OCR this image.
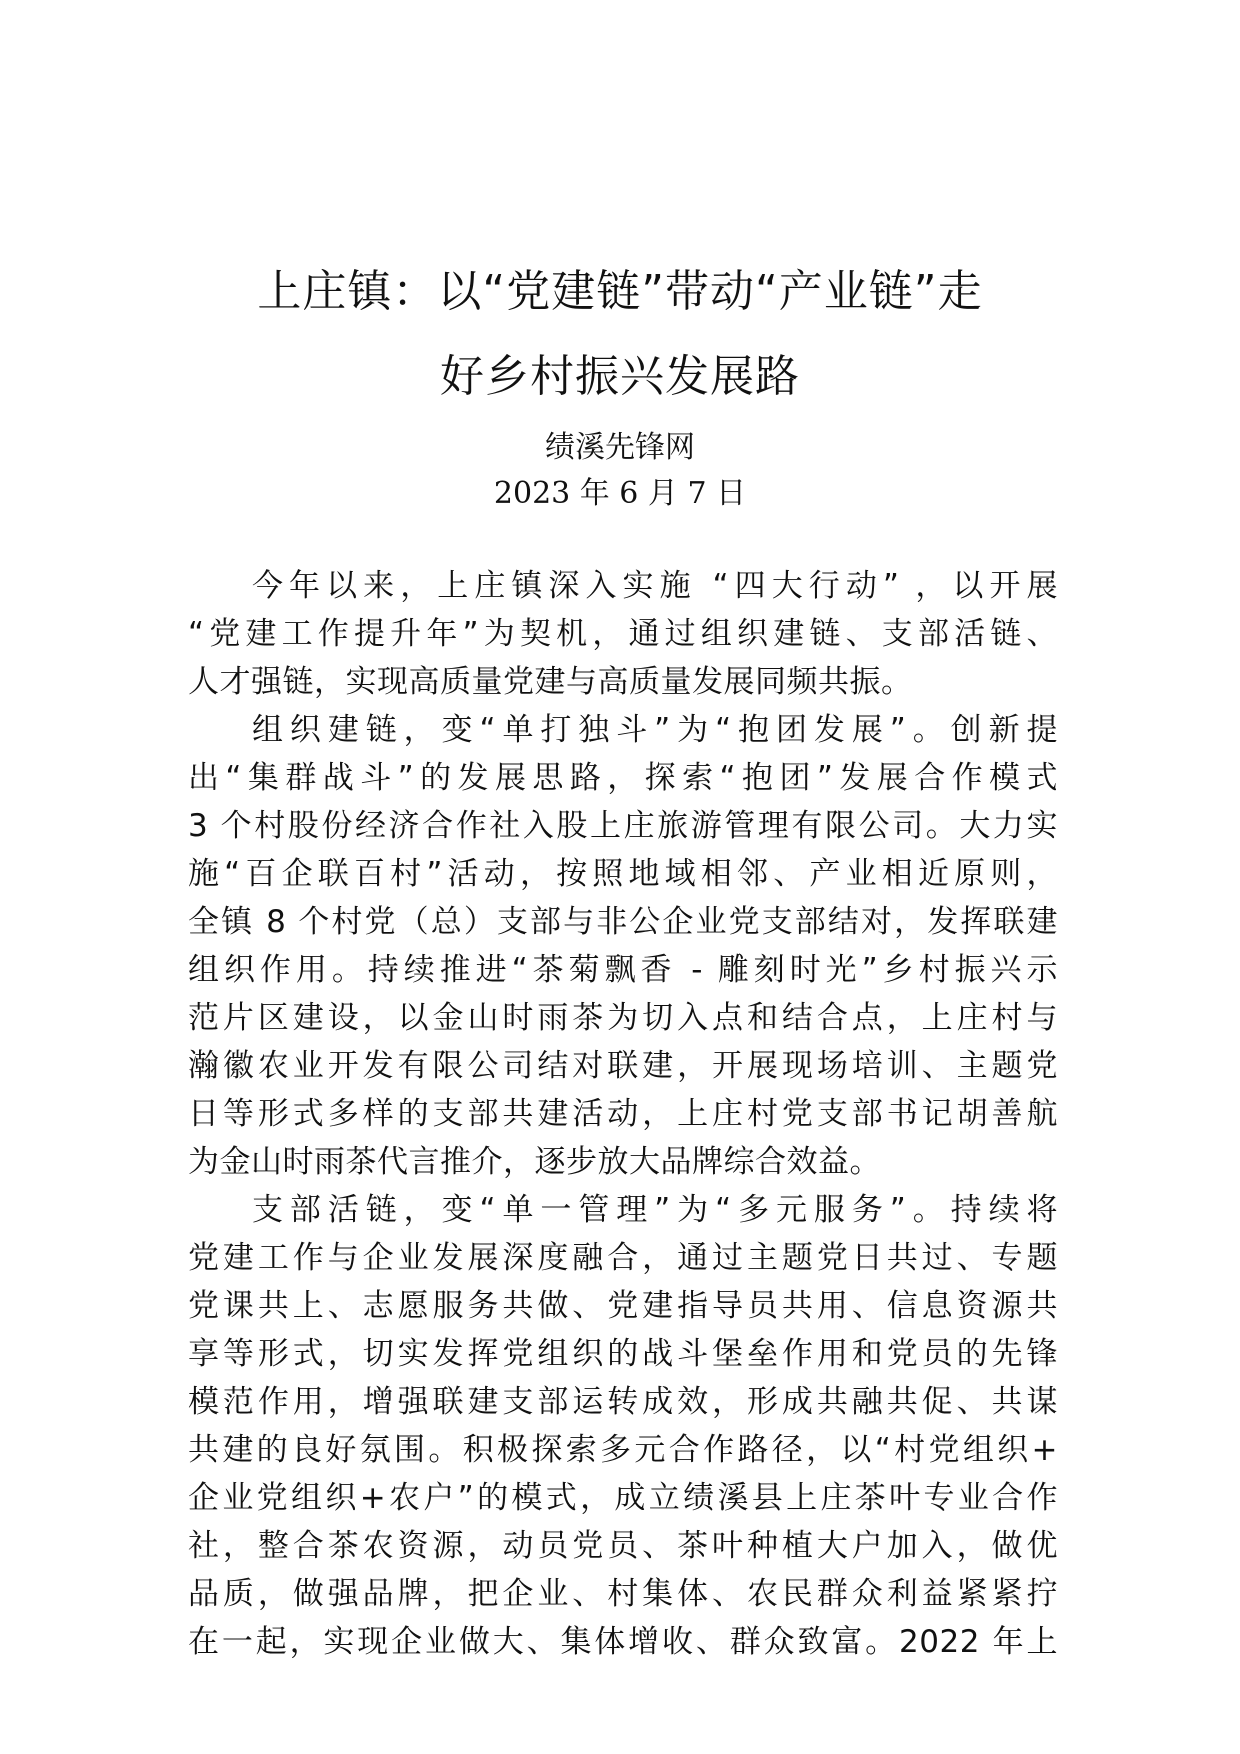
上庄镇：以“党建链”带动“产业链”走
好乡村振兴发展路
绩溪先锋网
2023 年 6 月 7 日
今年以来，上庄镇深入实施 “四大行动” ，以开展
“党建工作提升年”为契机，通过组织建链、支部活链、
人才强链，实现高质量党建与高质量发展同频共振。
组织建链，变“单打独斗”为“抱团发展”。创新提
出“集群战斗”的发展思路，探索“抱团”发展合作模式
3 个村股份经济合作社入股上庄旅游管理有限公司。大力实
施“百企联百村”活动，按照地域相邻、产业相近原则，
全镇 8 个村党（总）支部与非公企业党支部结对，发挥联建
组织作用。持续推进“茶菊飘香 - 雕刻时光”乡村振兴示
范片区建设，以金山时雨茶为切入点和结合点，上庄村与
瀚徽农业开发有限公司结对联建，开展现场培训、主题党
日等形式多样的支部共建活动，上庄村党支部书记胡善航
为金山时雨茶代言推介，逐步放大品牌综合效益。
支部活链，变“单一管理”为“多元服务”。持续将
党建工作与企业发展深度融合，通过主题党日共过、专题
党课共上、志愿服务共做、党建指导员共用、信息资源共
享等形式，切实发挥党组织的战斗堡垒作用和党员的先锋
模范作用，增强联建支部运转成效，形成共融共促、共谋
共建的良好氛围。积极探索多元合作路径，以“村党组织+
企业党组织+农户”的模式，成立绩溪县上庄茶叶专业合作
社，整合茶农资源，动员党员、茶叶种植大户加入，做优
品质，做强品牌，把企业、村集体、农民群众利益紧紧拧
在一起，实现企业做大、集体增收、群众致富。2022 年上
